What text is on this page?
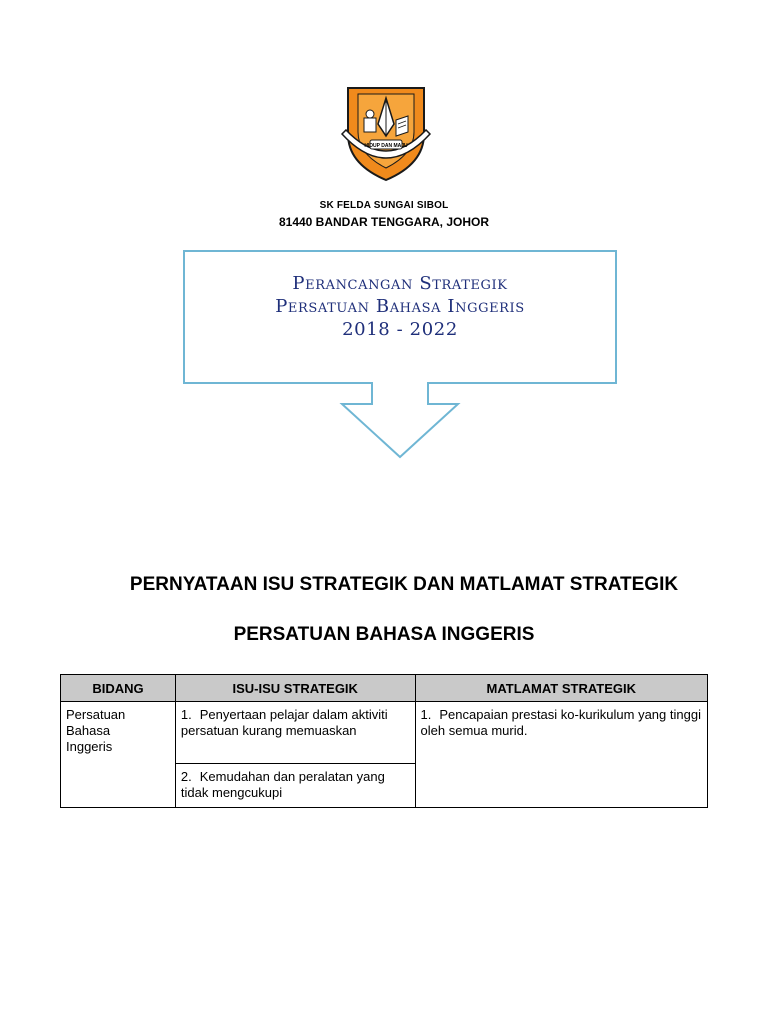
HIDUP DAN MAJU
SK FELDA SUNGAI SIBOL
81440 BANDAR TENGGARA, JOHOR
Perancangan Strategik
Persatuan Bahasa Inggeris
2018 - 2022
PERNYATAAN ISU STRATEGIK DAN MATLAMAT STRATEGIK
PERSATUAN BAHASA INGGERIS
BIDANG	ISU-ISU STRATEGIK	MATLAMAT STRATEGIK

Persatuan Bahasa Inggeris	1. Penyertaan pelajar dalam aktiviti persatuan kurang memuaskan	1. Pencapaian prestasi ko-kurikulum yang tinggi oleh semua murid.
	2. Kemudahan dan peralatan yang tidak mengcukupi	
